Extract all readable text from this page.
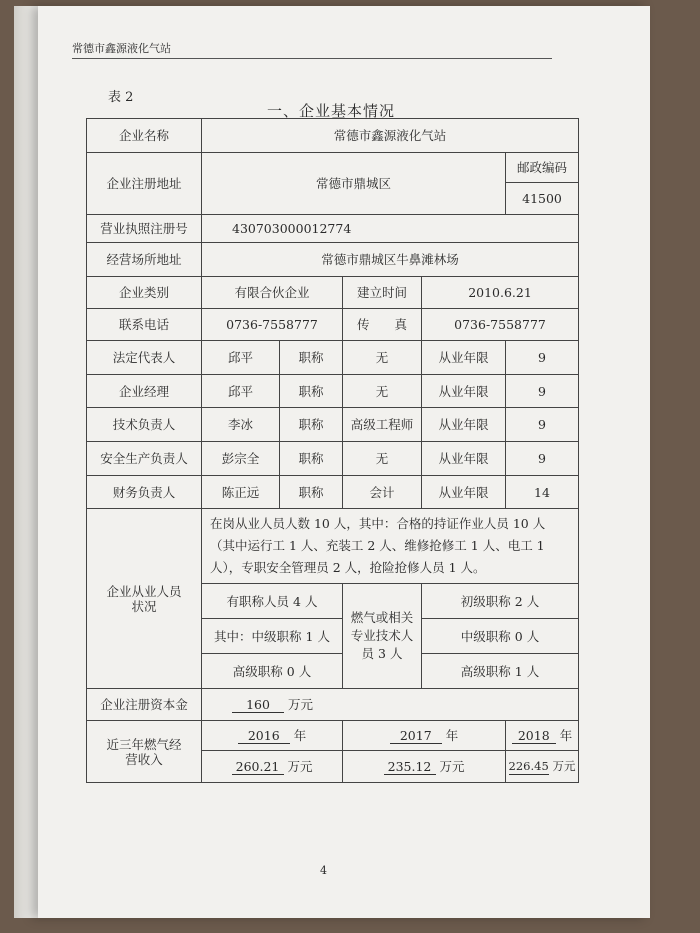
常德市鑫源液化气站
表 2
一、企业基本情况
企业名称	常德市鑫源液化气站				
企业注册地址	常德市鼎城区				邮政编码
					41500
营业执照注册号	430703000012774				
经营场所地址	常德市鼎城区牛鼻滩林场				
企业类别	有限合伙企业		建立时间	2010.6.21	
联系电话	0736-7558777		传　　真	0736-7558777	
法定代表人	邱平	职称	无	从业年限	9
企业经理	邱平	职称	无	从业年限	9
技术负责人	李冰	职称	高级工程师	从业年限	9
安全生产负责人	彭宗全	职称	无	从业年限	9
财务负责人	陈正远	职称	会计	从业年限	14
企业从业人员状况	在岗从业人员人数 10 人，其中：合格的持证作业人员 10 人（其中运行工 1 人、充装工 2 人、维修抢修工 1 人、电工 1 人），专职安全管理员 2 人，抢险抢修人员 1 人。				
	有职称人员 4 人		燃气或相关专业技术人员 3 人	初级职称 2 人	
	其中：中级职称 1 人			中级职称 0 人	
	高级职称 0 人			高级职称 1 人	
企业注册资本金	160 万元				
近三年燃气经营收入	2016 年		2017 年		2018 年
	260.21 万元		235.12 万元		226.45 万元
4
